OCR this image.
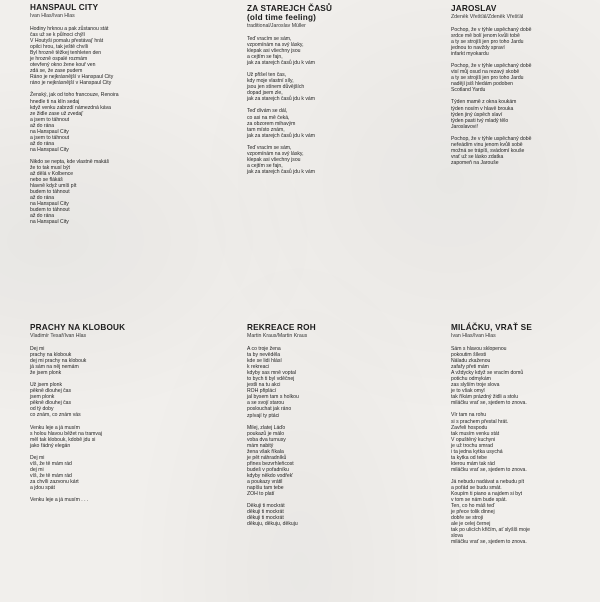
HANSPAUL CITY
Ivan Hlas/Ivan Hlas
Hodiny hrknou a pak zůstanou stát
čas už se k půlnoci chýlí
V Houtyši pomalu přestávaj' hrát
opilci hrou, tak ještě chvíli
Byl hrozně těžkej tenhleten den
je hrozně ospalé rozmám
otevřený okno žene kouř ven
zdá se, že zase pudem
Ráno je nejkrásnější v Hanspaul City
ráno je nejkrásnější v Hanspaul City
Ženský, jak od toho francouze, Renoira
hnedle ti na klín sedaj
když venku zabrzdí námezdná káva
ze židle zase už zvedaj'
a jsem to táhnout
až do rána
na Hanspaul City
a jsem to táhnout
až do rána
na Hanspaul City
Nikdo se nepta, kde vlastně makáš
že to tak musí být
až dělá v Kolbence
nebo se flákáš
hlavně když umíš pít
budem to táhnout
až do rána
na Hanspaul City
budem to táhnout
až do rána
na Hanspaul City
ZA STAREJCH ČASŮ
(old time feeling)
traditional/Jaroslav Müller
Teď vracím se sám,
vzpomínám na svý lásky,
klepak asi všechny jsou
a cejtím se fajn,
jak za starejch časů jdu k vám
Už přišel ten čas,
kdy moje vlastní síly,
jsou jen stínem důvějších
dopad jsem zle,
jak za starejch časů jdu k vám
Teď dívám se dál,
co asi na mě čeká,
za obzorem mihavým
tam místo znám,
jak za starejch časů jdu k vám
Teď vracím se sám,
vzpomínám na svý lásky,
klepak asi všechny jsou
a cejtím se fajn,
jak za starejch časů jdu k vám
JAROSLAV
Zdeněk Vřešťál/Zdeněk Vřešťál
Pochop, že v týhle uspěchaný době
srdce mě bolí jenom kvůli tobě
a ty se strojíš jen pro toho Jardu
jednou to navždy spraví
infarkt myokardu
Pochop, že v týhle uspěchaný době
visí můj osud na rezavý skobě
a ty se strojíš jen pro toho Jardu
nadějí jsiš hledám podoben
Scotland Yardu
Týden mamě z okna koukám
týden nosím v hlavě brouka
týden jiný úspěch slaví
týden pasti tvý mladý tělo
Jaroslavovi!
Pochop, že v týhle uspěchaný době
neřeádím vinu jenom kvůli sobě
možná se trápíš, svádomí kouše
vrať už se lásko zdatka
zapomeň na Jarouše
PRACHY NA KLOBOUK
Vladimír Tesař/Ivan Hlas
Dej mi
prachy na klobouk
dej mi prachy na klobouk
já sám na něj nemám
že jsem plonk
Už jsem plonk
pěkně dlouhej čas
jsem plonk
pěkně dlouhej čas
od tý doby
co znám, co znám vás
Venku leje a já musím
s holou hlavou běžet na tramvaj
měl tak klobouk, kdobě jdu si
jako řádný elegán
Dej mi
víš, že tě mám rád
dej mi
víš, že tě mám rád
za chvíli zazvonu kárt
a jdou spát
Venku leje a já musím . . .
REKREACE ROH
Martin Kraus/Martin Kraus
A co troje žena
ta by nevěděla
kde se lidi hlásí
k rekreaci
kdyby sas mně voptal
to bych ti byl vděčnej
jestli na tu akci
ROH připlácí
jal bysem tam s holkou
a se svojí starou
poslouchat jak ráno
zpívají ty ptáci
Milej, zlatej Láďo
poukazů je málo
voba dva turnusy
mám nabitý
žena však říkala
je pět náhradníků
přines bezvrhleňcost
budeš v pořadníku
kdyby někdo vodřek'
a poukazy vrátil
napíšu tam tebe
ZOH to platí
Děkuji ti mockrát
děkuji ti mockrát
děkuji ti mockrát
děkuju, děkuju, děkuju
MILÁČKU, VRAŤ SE
Ivan Hlas/Ivan Hlas
Sám s hlavou sklopenou
pokoutim šílesti
Náladu zkaženou
zafařy přeti mám
A vždycky když se vracím domů
potichu odmykám
zas slyším troje slova
je to však omyl
tak říkám prázdný židli a stolu
miláčku vrať se, sjedem to znova.
Vír tam na rohu
si s prachem přestal hrát.
Zavřeli hospodu
tak musím venku stát
V opuštěný kuchyni
je už trochu smrad
i ta jedna kytka usychá
ta kytka od tebe
kterou mám tak rád
miláčku vrať se, sjedem to znova.
Já nebudu nadávat a nebudu pít
a pořád se budu smát.
Koupím ti piano a najdem si byt
v tom se nám bude spát.
Ten, co ho máš teď
je přece tolik dinnej
dobře se stroji
ale je celej černej
tak po ulicích křičím, ať slyšíš moje
slova
miláčku vrať se, sjedem to znova.
